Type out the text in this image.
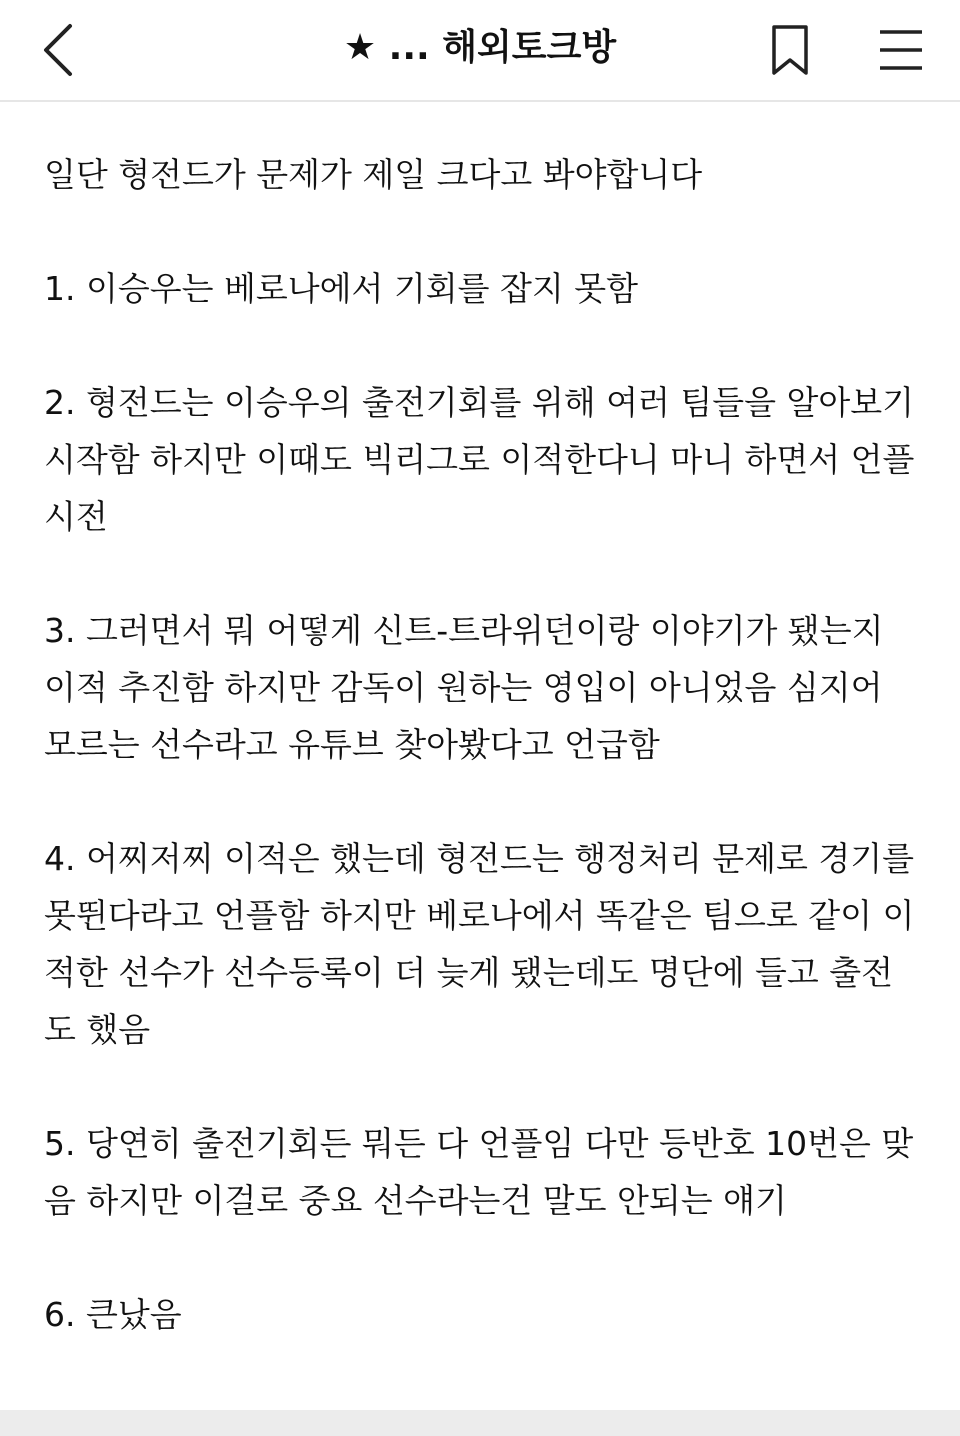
★ ... 해외토크방

일단 형전드가 문제가 제일 크다고 봐야합니다

1. 이승우는 베로나에서 기회를 잡지 못함

2. 형전드는 이승우의 출전기회를 위해 여러 팀들을 알아보기 시작함 하지만 이때도 빅리그로 이적한다니 마니 하면서 언플 시전

3. 그러면서 뭐 어떻게 신트-트라위던이랑 이야기가 됐는지 이적 추진함 하지만 감독이 원하는 영입이 아니었음 심지어 모르는 선수라고 유튜브 찾아봤다고 언급함

4. 어찌저찌 이적은 했는데 형전드는 행정처리 문제로 경기를 못뛴다라고 언플함 하지만 베로나에서 똑같은 팀으로 같이 이적한 선수가 선수등록이 더 늦게 됐는데도 명단에 들고 출전도 했음

5. 당연히 출전기회든 뭐든 다 언플임 다만 등반호 10번은 맞음 하지만 이걸로 중요 선수라는건 말도 안되는 얘기

6. 큰났음
